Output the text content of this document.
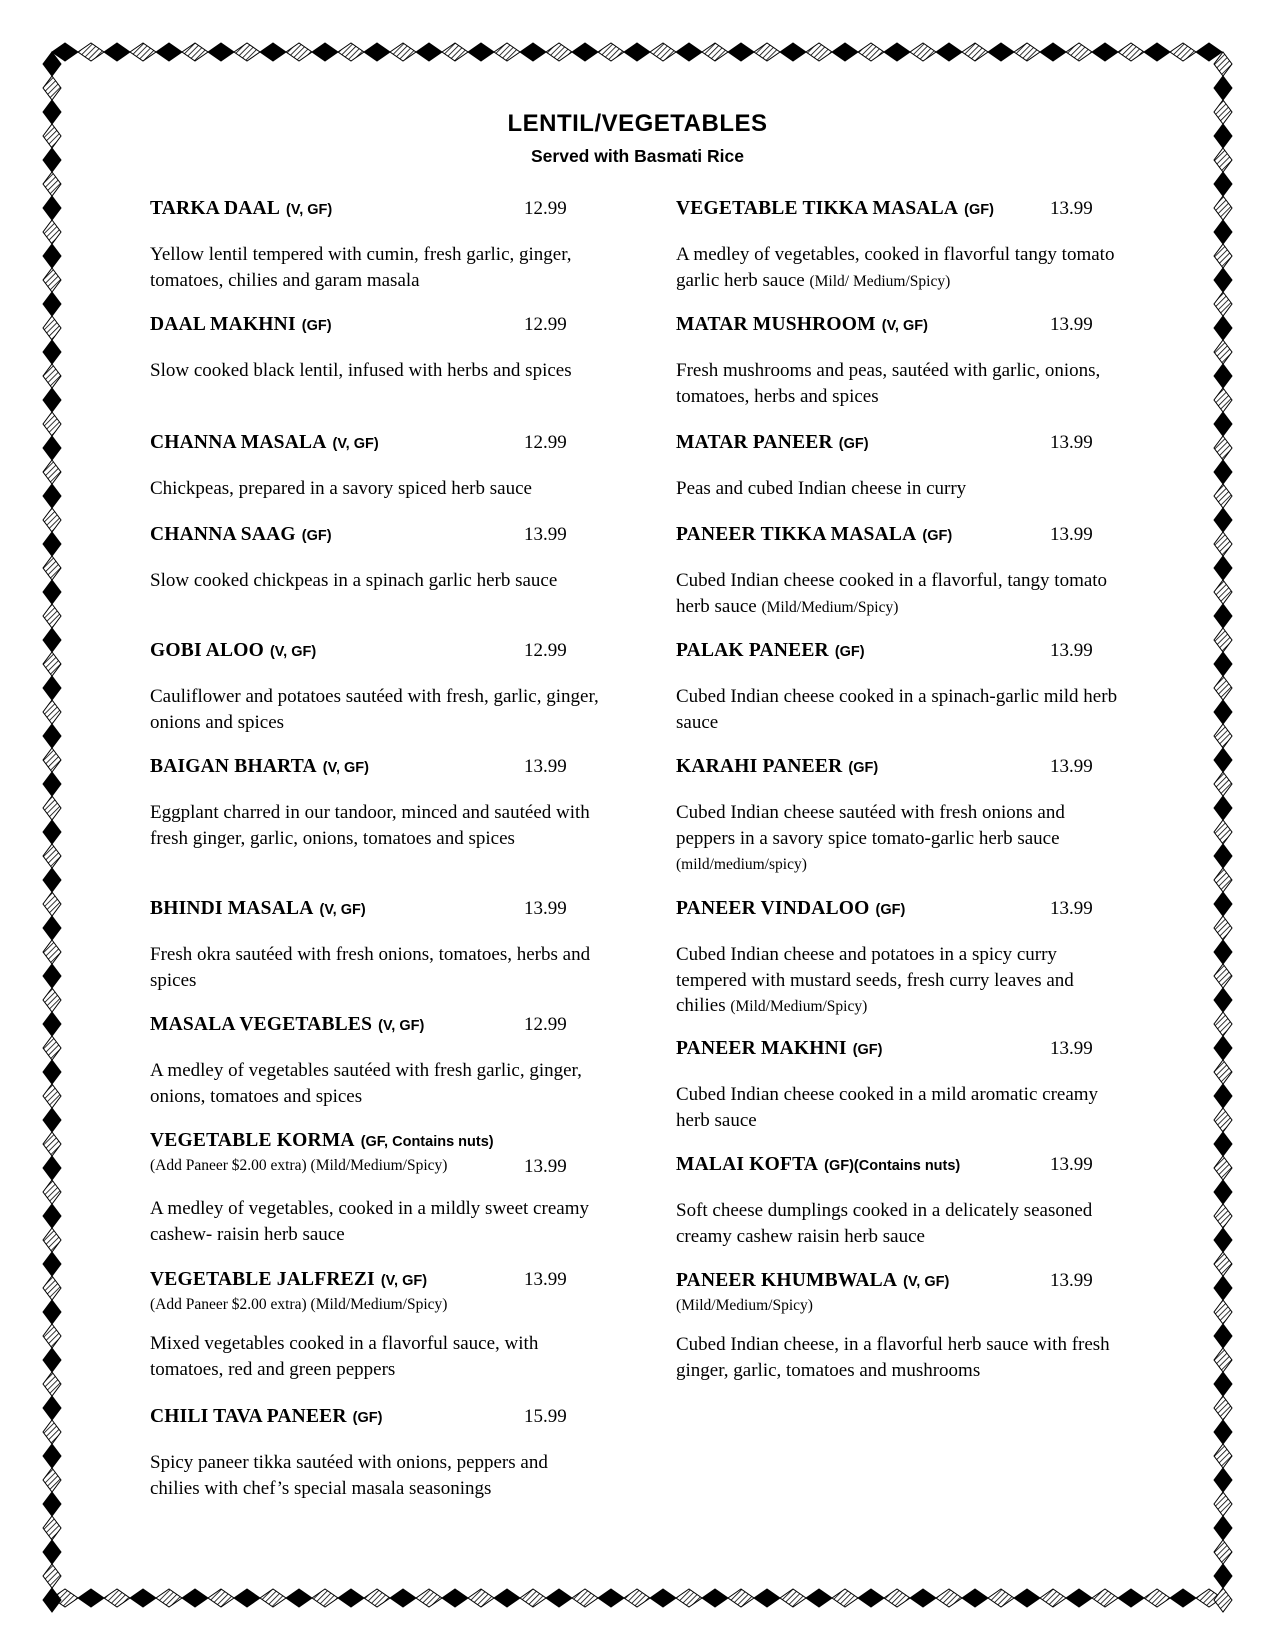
LENTIL/VEGETABLES
Served with Basmati Rice
TARKA DAAL (V, GF)	12.99
Yellow lentil tempered with cumin, fresh garlic, ginger, tomatoes, chilies and garam masala
DAAL MAKHNI (GF)	12.99
Slow cooked black lentil, infused with herbs and spices
CHANNA MASALA (V, GF)	12.99
Chickpeas, prepared in a savory spiced herb sauce
CHANNA SAAG (GF)	13.99
Slow cooked chickpeas in a spinach garlic herb sauce
GOBI ALOO (V, GF)	12.99
Cauliflower and potatoes sautéed with fresh, garlic, ginger, onions and spices
BAIGAN BHARTA (V, GF)	13.99
Eggplant charred in our tandoor, minced and sautéed with fresh ginger, garlic, onions, tomatoes and spices
BHINDI MASALA (V, GF)	13.99
Fresh okra sautéed with fresh onions, tomatoes, herbs and spices
MASALA VEGETABLES (V, GF)	12.99
A medley of vegetables sautéed with fresh garlic, ginger, onions, tomatoes and spices
VEGETABLE KORMA (GF, Contains nuts)
(Add Paneer $2.00 extra) (Mild/Medium/Spicy)	13.99
A medley of vegetables, cooked in a mildly sweet creamy cashew- raisin herb sauce
VEGETABLE JALFREZI (V, GF)	13.99
(Add Paneer $2.00 extra) (Mild/Medium/Spicy)
Mixed vegetables cooked in a flavorful sauce, with tomatoes, red and green peppers
CHILI TAVA PANEER (GF)	15.99
Spicy paneer tikka sautéed with onions, peppers and chilies with chef’s special masala seasonings
VEGETABLE TIKKA MASALA (GF)	13.99
A medley of vegetables, cooked in flavorful tangy tomato garlic herb sauce (Mild/ Medium/Spicy)
MATAR MUSHROOM (V, GF)	13.99
Fresh mushrooms and peas, sautéed with garlic, onions, tomatoes, herbs and spices
MATAR PANEER (GF)	13.99
Peas and cubed Indian cheese in curry
PANEER TIKKA MASALA (GF)	13.99
Cubed Indian cheese cooked in a flavorful, tangy tomato herb sauce (Mild/Medium/Spicy)
PALAK PANEER (GF)	13.99
Cubed Indian cheese cooked in a spinach-garlic mild herb sauce
KARAHI PANEER (GF)	13.99
Cubed Indian cheese sautéed with fresh onions and peppers in a savory spice tomato-garlic herb sauce (mild/medium/spicy)
PANEER VINDALOO (GF)	13.99
Cubed Indian cheese and potatoes in a spicy curry tempered with mustard seeds, fresh curry leaves and chilies (Mild/Medium/Spicy)
PANEER MAKHNI (GF)	13.99
Cubed Indian cheese cooked in a mild aromatic creamy herb sauce
MALAI KOFTA (GF)(Contains nuts)	13.99
Soft cheese dumplings cooked in a delicately seasoned creamy cashew raisin herb sauce
PANEER KHUMBWALA (V, GF)	13.99
(Mild/Medium/Spicy)
Cubed Indian cheese, in a flavorful herb sauce with fresh ginger, garlic, tomatoes and mushrooms
